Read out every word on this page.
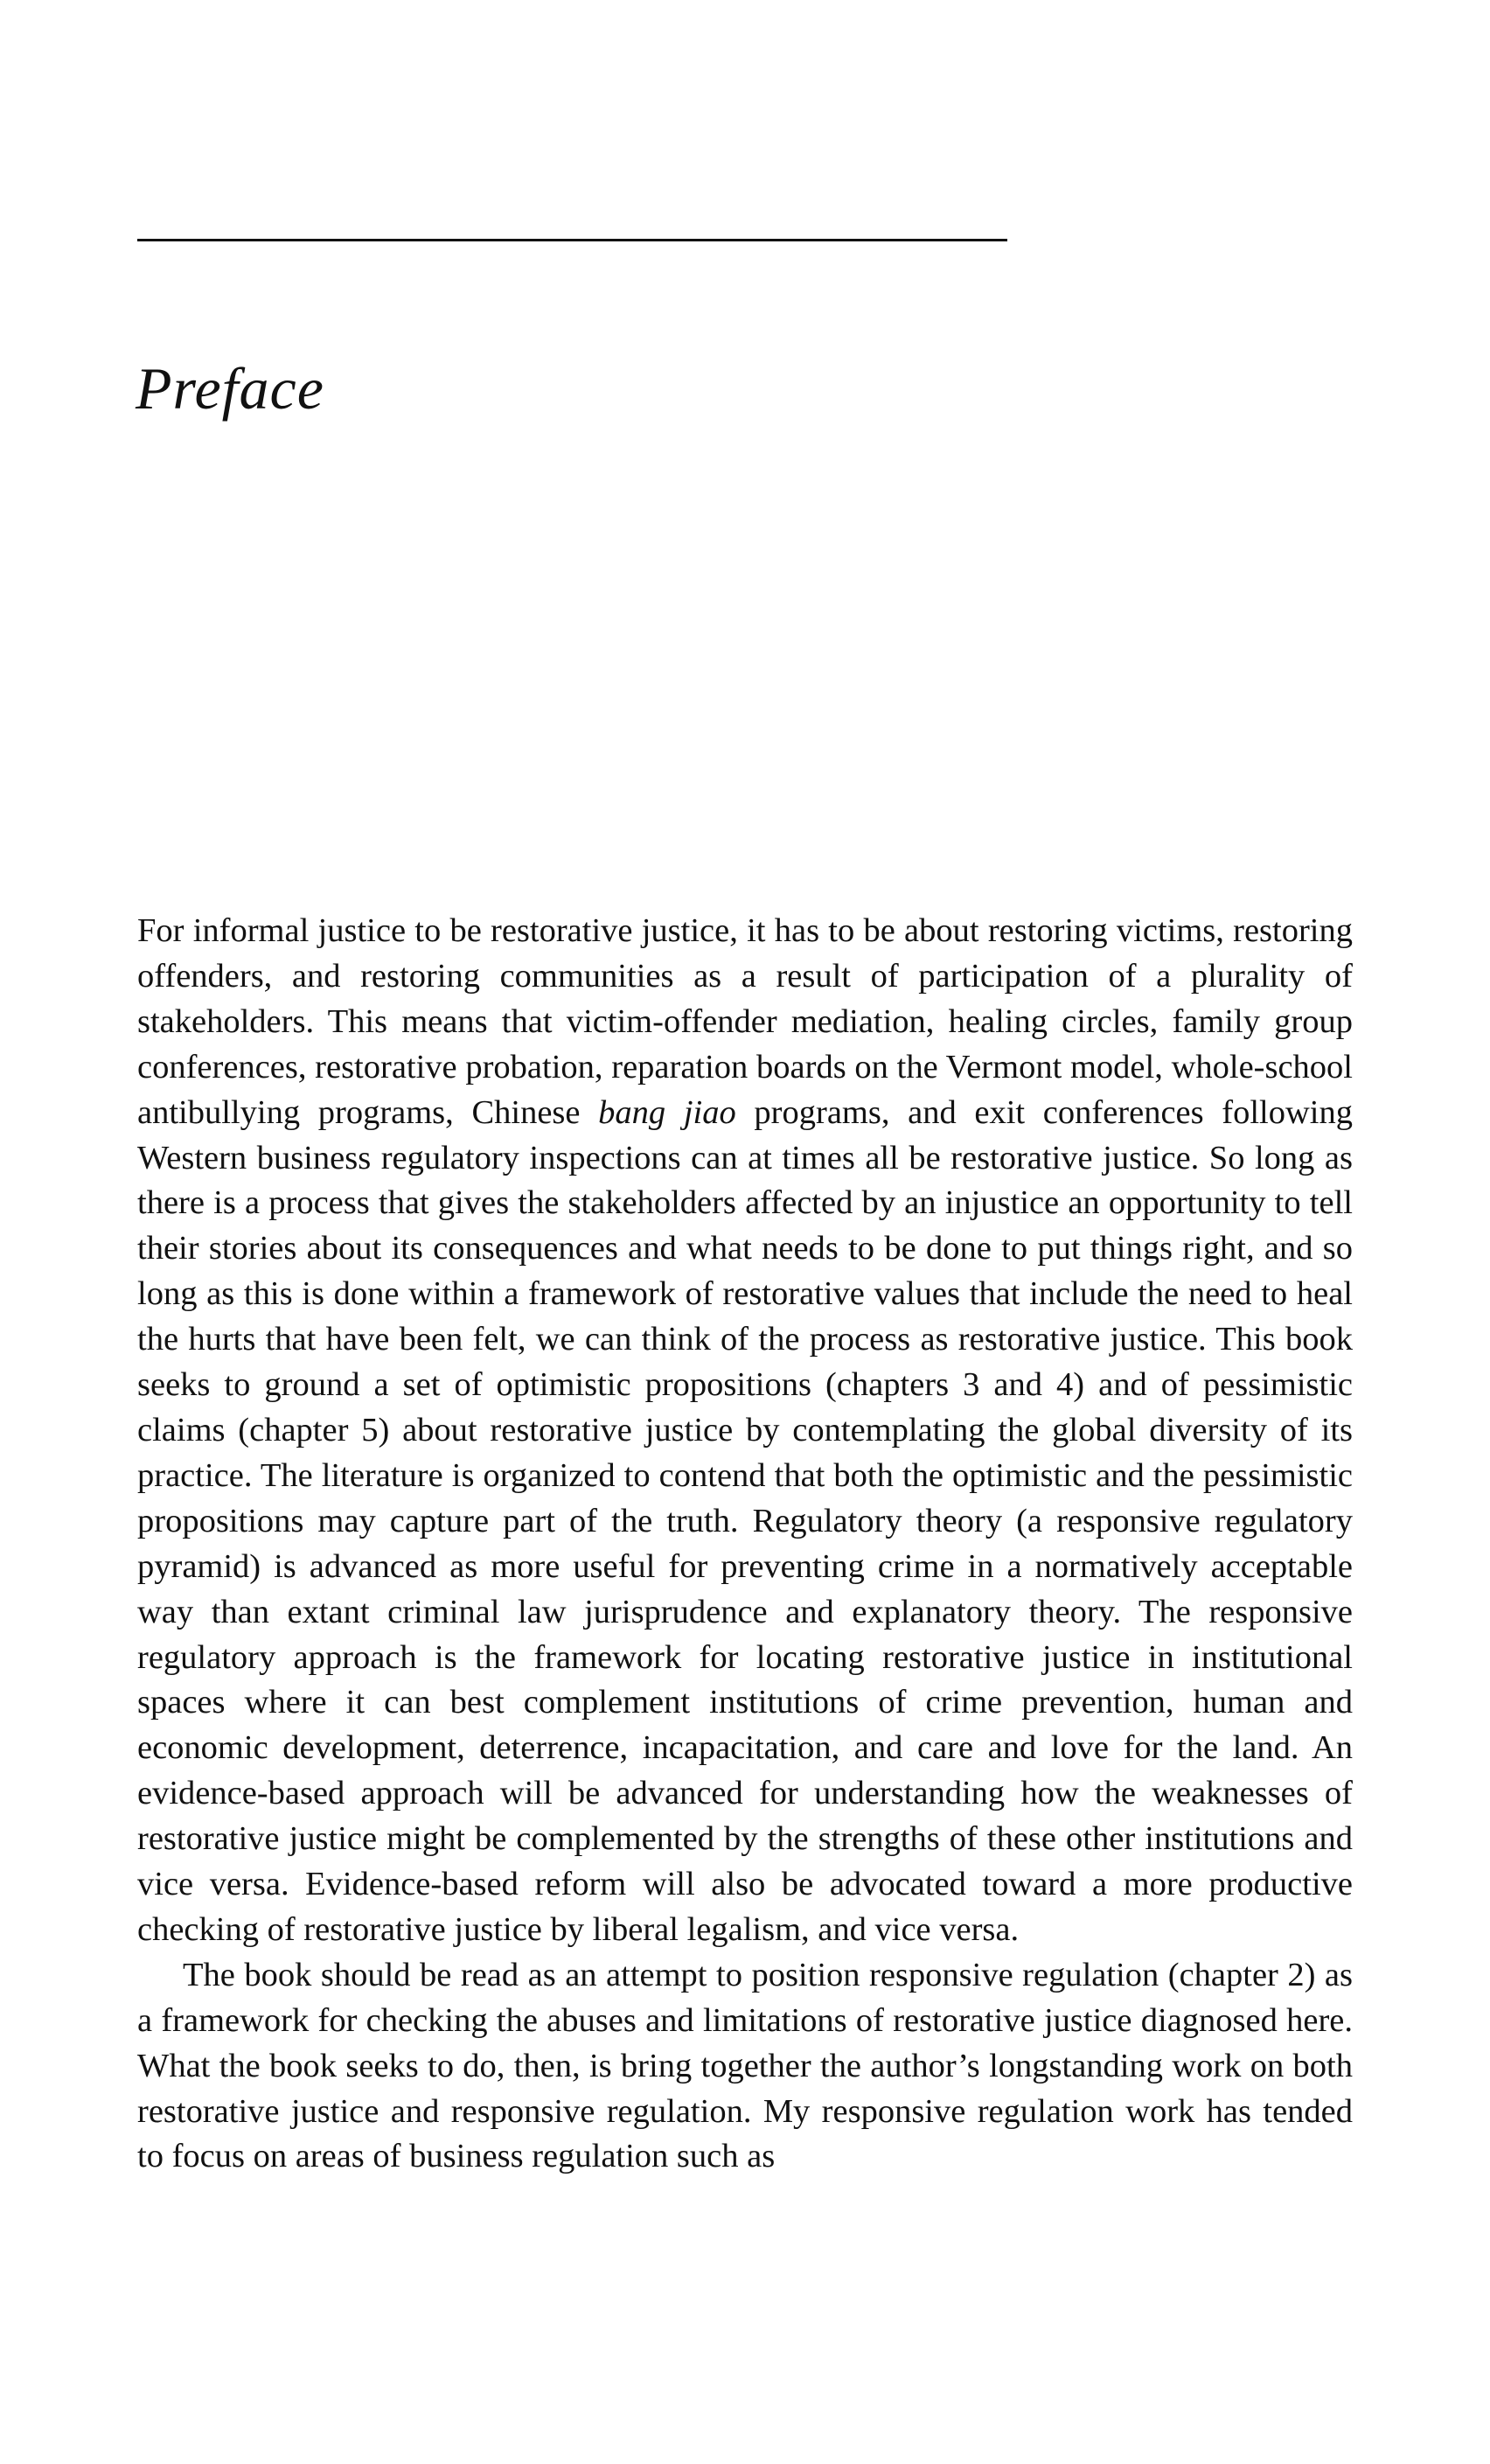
Preface

For informal justice to be restorative justice, it has to be about restoring victims, restoring offenders, and restoring communities as a result of participation of a plurality of stakeholders. This means that victim-offender mediation, healing circles, family group conferences, restorative probation, reparation boards on the Vermont model, whole-school antibullying programs, Chinese bang jiao programs, and exit conferences following Western business regulatory inspections can at times all be restorative justice. So long as there is a process that gives the stakeholders affected by an injustice an opportunity to tell their stories about its consequences and what needs to be done to put things right, and so long as this is done within a framework of restorative values that include the need to heal the hurts that have been felt, we can think of the process as restorative justice. This book seeks to ground a set of optimistic propositions (chapters 3 and 4) and of pessimistic claims (chapter 5) about restorative justice by contemplating the global diversity of its practice. The literature is organized to contend that both the optimistic and the pessimistic propositions may capture part of the truth. Regulatory theory (a responsive regulatory pyramid) is advanced as more useful for preventing crime in a normatively acceptable way than extant criminal law jurisprudence and explanatory theory. The responsive regulatory approach is the framework for locating restorative justice in institutional spaces where it can best complement institutions of crime prevention, human and economic development, deterrence, incapacitation, and care and love for the land. An evidence-based approach will be advanced for understanding how the weaknesses of restorative justice might be complemented by the strengths of these other institutions and vice versa. Evidence-based reform will also be advocated toward a more productive checking of restorative justice by liberal legalism, and vice versa.

The book should be read as an attempt to position responsive regulation (chapter 2) as a framework for checking the abuses and limitations of restorative justice diagnosed here. What the book seeks to do, then, is bring together the author’s longstanding work on both restorative justice and responsive regulation. My responsive regulation work has tended to focus on areas of business regulation such as
